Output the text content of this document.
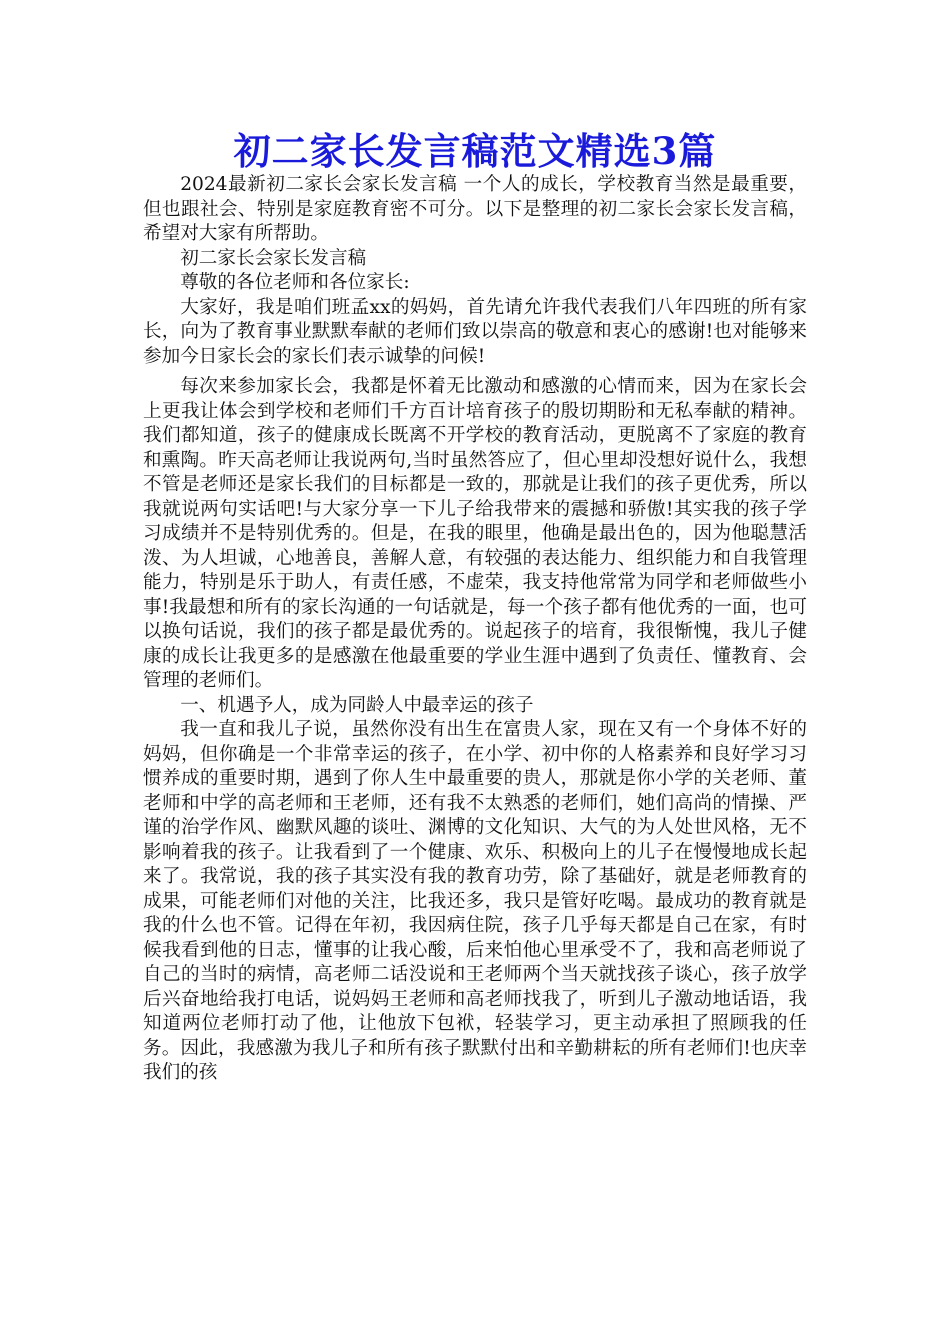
初二家长发言稿范文精选3篇

2024最新初二家长会家长发言稿 一个人的成长，学校教育当然是最重要，但也跟社会、特别是家庭教育密不可分。以下是整理的初二家长会家长发言稿，希望对大家有所帮助。

初二家长会家长发言稿

尊敬的各位老师和各位家长:

大家好，我是咱们班孟xx的妈妈，首先请允许我代表我们八年四班的所有家长，向为了教育事业默默奉献的老师们致以崇高的敬意和衷心的感谢!也对能够来参加今日家长会的家长们表示诚挚的问候!

每次来参加家长会，我都是怀着无比激动和感激的心情而来，因为在家长会上更我让体会到学校和老师们千方百计培育孩子的殷切期盼和无私奉献的精神。我们都知道，孩子的健康成长既离不开学校的教育活动，更脱离不了家庭的教育和熏陶。昨天高老师让我说两句,当时虽然答应了，但心里却没想好说什么，我想不管是老师还是家长我们的目标都是一致的，那就是让我们的孩子更优秀，所以我就说两句实话吧!与大家分享一下儿子给我带来的震撼和骄傲!其实我的孩子学习成绩并不是特别优秀的。但是，在我的眼里，他确是最出色的，因为他聪慧活泼、为人坦诚，心地善良，善解人意，有较强的表达能力、组织能力和自我管理能力，特别是乐于助人，有责任感，不虚荣，我支持他常常为同学和老师做些小事!我最想和所有的家长沟通的一句话就是，每一个孩子都有他优秀的一面，也可以换句话说，我们的孩子都是最优秀的。说起孩子的培育，我很惭愧，我儿子健康的成长让我更多的是感激在他最重要的学业生涯中遇到了负责任、懂教育、会管理的老师们。

一、机遇予人，成为同龄人中最幸运的孩子

我一直和我儿子说，虽然你没有出生在富贵人家，现在又有一个身体不好的妈妈，但你确是一个非常幸运的孩子，在小学、初中你的人格素养和良好学习习惯养成的重要时期，遇到了你人生中最重要的贵人，那就是你小学的关老师、董老师和中学的高老师和王老师，还有我不太熟悉的老师们，她们高尚的情操、严谨的治学作风、幽默风趣的谈吐、渊博的文化知识、大气的为人处世风格，无不影响着我的孩子。让我看到了一个健康、欢乐、积极向上的儿子在慢慢地成长起来了。我常说，我的孩子其实没有我的教育功劳，除了基础好，就是老师教育的成果，可能老师们对他的关注，比我还多，我只是管好吃喝。最成功的教育就是我的什么也不管。记得在年初，我因病住院，孩子几乎每天都是自己在家，有时候我看到他的日志，懂事的让我心酸，后来怕他心里承受不了，我和高老师说了自己的当时的病情，高老师二话没说和王老师两个当天就找孩子谈心，孩子放学后兴奋地给我打电话，说妈妈王老师和高老师找我了，听到儿子激动地话语，我知道两位老师打动了他，让他放下包袱，轻装学习，更主动承担了照顾我的任务。因此，我感激为我儿子和所有孩子默默付出和辛勤耕耘的所有老师们!也庆幸我们的孩
